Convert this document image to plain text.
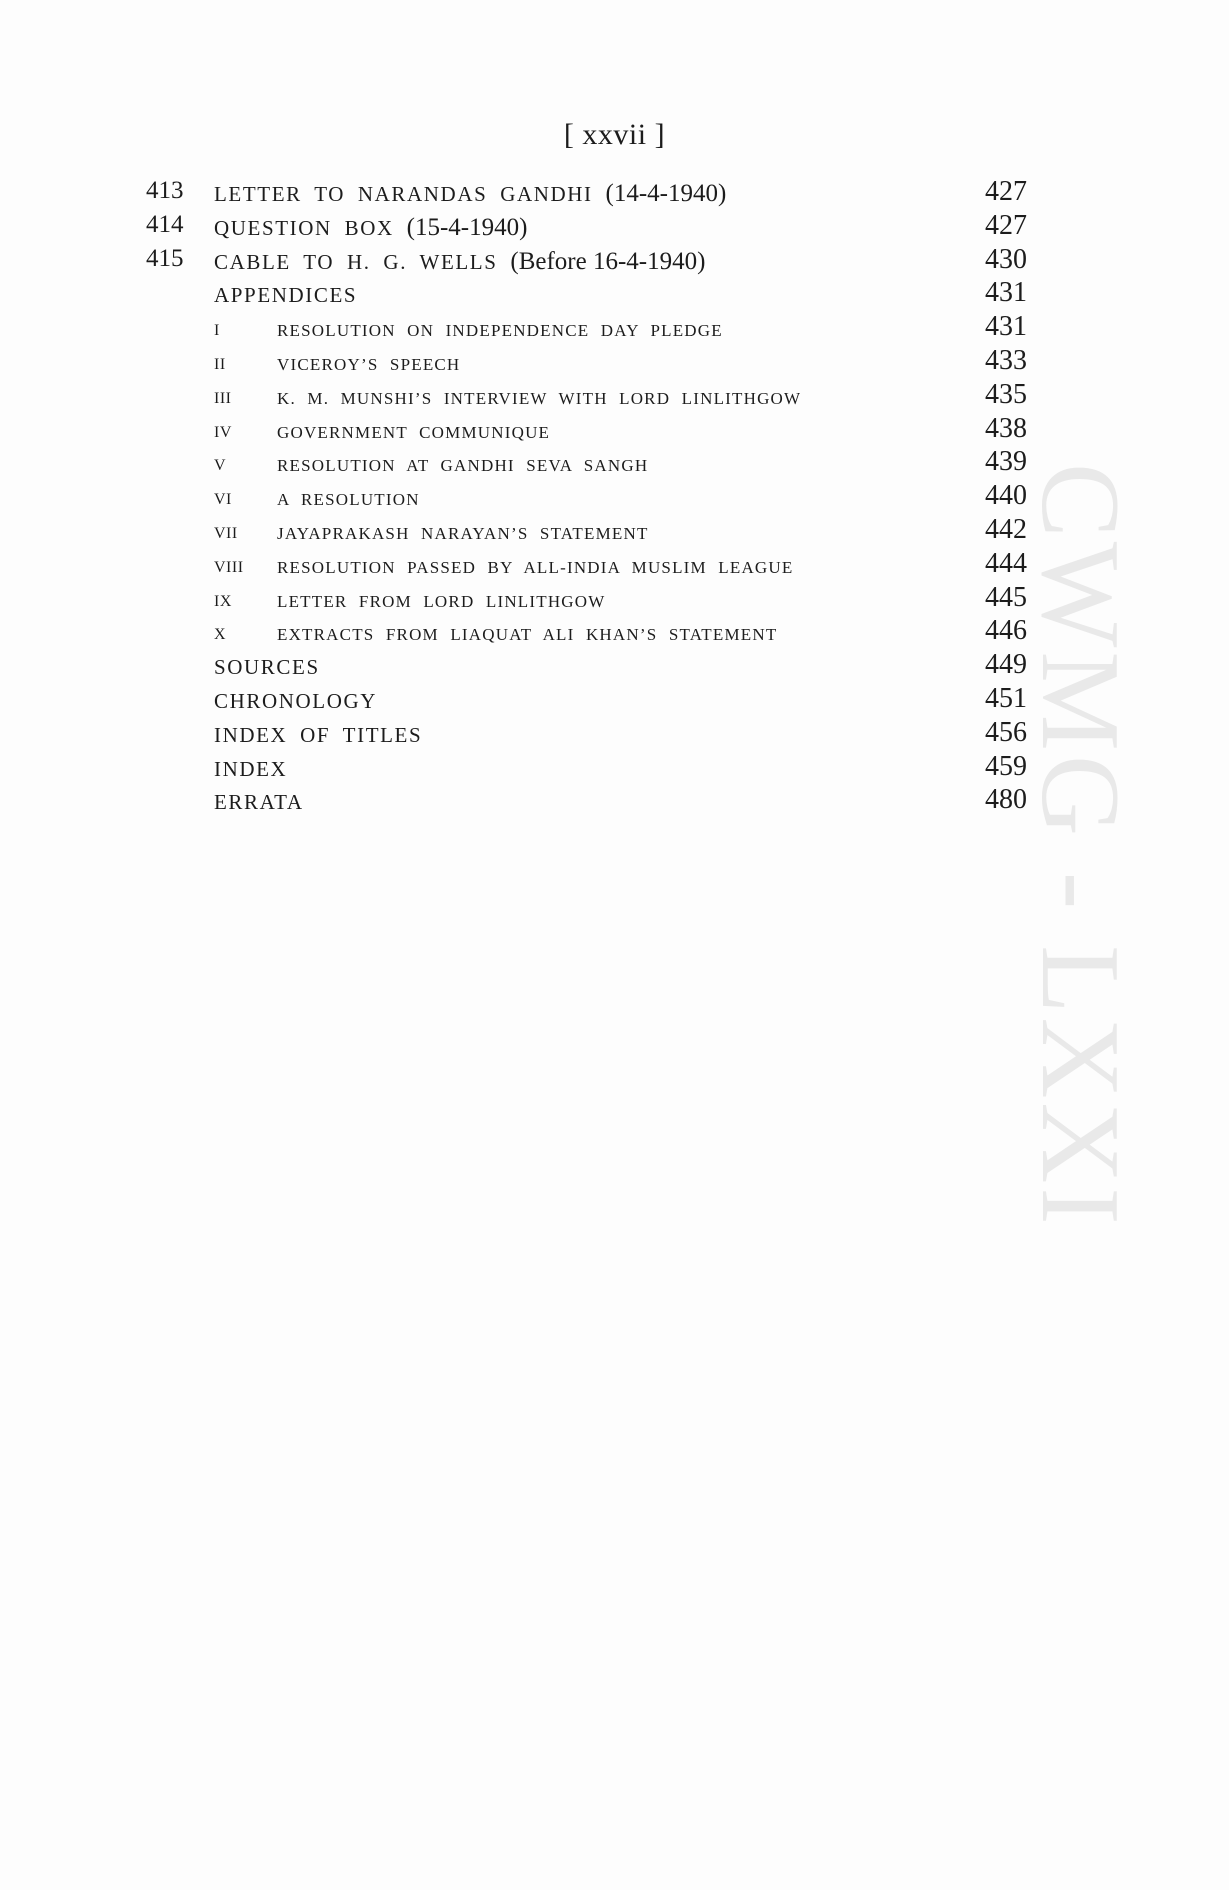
[ xxvii ]
413 LETTER TO NARANDAS GANDHI (14-4-1940)	427
414 QUESTION BOX (15-4-1940)	427
415 CABLE TO H. G. WELLS (Before 16-4-1940)	430
APPENDICES	431
I	RESOLUTION ON INDEPENDENCE DAY PLEDGE	431
II	VICEROY’S SPEECH	433
III	K. M. MUNSHI’S INTERVIEW WITH LORD LINLITHGOW	435
IV	GOVERNMENT COMMUNIQUE	438
V	RESOLUTION AT GANDHI SEVA SANGH	439
VI	A RESOLUTION	440
VII JAYAPRAKASH NARAYAN’S STATEMENT	442
VIII RESOLUTION PASSED BY ALL-INDIA MUSLIM LEAGUE	444
IX	LETTER FROM LORD LINLITHGOW	445
X	EXTRACTS FROM LIAQUAT ALI KHAN’S STATEMENT	446
SOURCES	449
CHRONOLOGY	451
INDEX OF TITLES	456
INDEX	459
ERRATA	480
CWMG - LXXI
